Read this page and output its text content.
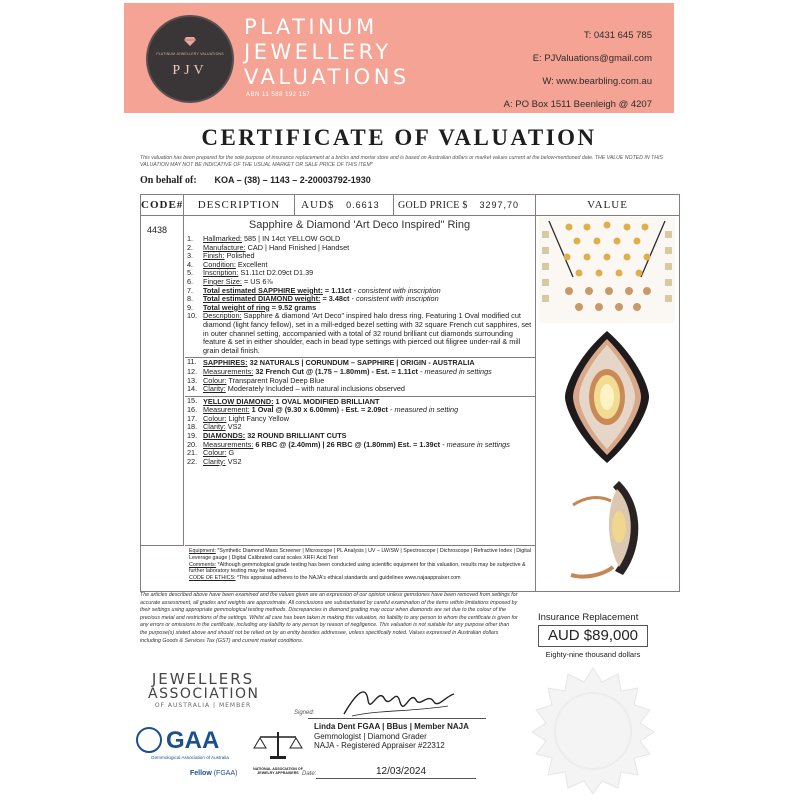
PLATINUM JEWELLERY VALUATIONS
PJV
PLATINUM
JEWELLERY
VALUATIONS
ABN 11 588 192 157
T: 0431 645 785
E: PJValuations@gmail.com
W: www.bearbling.com.au
A: PO Box 1511 Beenleigh @ 4207
CERTIFICATE OF VALUATION
This valuation has been prepared for the sole purpose of insurance replacement at a bricks and mortar store and is based on Australian dollars or market values current at the below-mentioned date. THE VALUE NOTED IN THIS VALUATION MAY NOT BE INDICATIVE OF THE USUAL MARKET OR SALE PRICE OF THIS ITEM*
On behalf of: KOA – (38) – 1143 – 2-20003792-1930
CODE#	DESCRIPTION	AUD$ 0.6613	GOLD PRICE $ 3297,70	VALUE
4438	Sapphire & Diamond 'Art Deco Inspired" Ring
1. Hallmarked: 585 | IN 14ct YELLOW GOLD
2. Manufacture: CAD | Hand Finished | Handset
3. Finish: Polished
4. Condition: Excellent
5. Inscription: S1.11ct D2.09ct D1.39
6. Finger Size: = US 6⅞
7. Total estimated SAPPHIRE weight: = 1.11ct - consistent with inscription
8. Total estimated DIAMOND weight: = 3.48ct - consistent with inscription
9. Total weight of ring = 9.52 grams
10. Description: Sapphire & diamond 'Art Deco" inspired halo dress ring. Featuring 1 Oval modified cut diamond (light fancy fellow), set in a mill-edged bezel setting with 32 square French cut sapphires, set in outer channel setting, accompanied with a total of 32 round brilliant cut diamonds surrounding feature & set in either shoulder, each in bead type settings with pierced out filigree under-rail & mill grain detail finish.
11. SAPPHIRES: 32 NATURALS | CORUNDUM – SAPPHIRE | ORIGIN - AUSTRALIA
12. Measurements: 32 French Cut @ (1.75 – 1.80mm) - Est. = 1.11ct - measured in settings
13. Colour: Transparent Royal Deep Blue
14. Clarity: Moderately Included – with natural inclusions observed
15. YELLOW DIAMOND: 1 OVAL MODIFIED BRILLIANT
16. Measurement: 1 Oval @ (9.30 x 6.00mm) - Est. = 2.09ct - measured in setting
17. Colour: Light Fancy Yellow
18. Clarity: VS2
19. DIAMONDS: 32 ROUND BRILLIANT CUTS
20. Measurements: 6 RBC @ (2.40mm) | 26 RBC @ (1.80mm) Est. = 1.39ct - measure in settings
21. Colour: G
22. Clarity: VS2
Equipment: *Synthetic Diamond Mass Screener | Microscope | PL Analysis | UV – LW/SW | Spectroscope | Dichroscope | Refractive Index | Digital Leverage gauge | Digital Calibrated carat scales XRF/ Acid Test
Comments: *Although gemmological grade testing has been conducted using scientific equipment for this valuation, results may be subjective & further laboratory testing may be required.
CODE OF ETHICS: *This appraisal adheres to the NAJA's ethical standards and guidelines www.najaappraiser.com
The articles described above have been examined and the values given are an expression of our opinion unless gemstones have been removed from settings for accurate assessment, all grades and weights are approximate. All conclusions are substantiated by careful examination of the items within limitations imposed by their settings using appropriate gemmological testing methods. Discrepancies in diamond grading may occur when diamonds are set due to the colour of the precious metal and restrictions of the settings. Whilst all care has been taken in making this valuation, no liability to any person to whom the certificate is given for any errors or omissions in the certificate, including any liability to any person by reason of negligence. This valuation is not suitable for any purpose other than the purpose(s) stated above and should not be relied on by an entity besides addressee, unless specifically noted. Values expressed in Australian dollars including Goods & Services Tax (GST) and current market conditions.
Insurance Replacement
AUD $89,000
Eighty-nine thousand dollars
JEWELLERS
ASSOCIATION
OF AUSTRALIA | MEMBER
GAA
Gemmological Association of Australia
Fellow (FGAA)
NATIONAL ASSOCIATION OF JEWELRY APPRAISERS
Signed:
Linda Dent FGAA | BBus | Member NAJA
Gemmologist | Diamond Grader
NAJA - Registered Appraiser #22312
Date:	12/03/2024
